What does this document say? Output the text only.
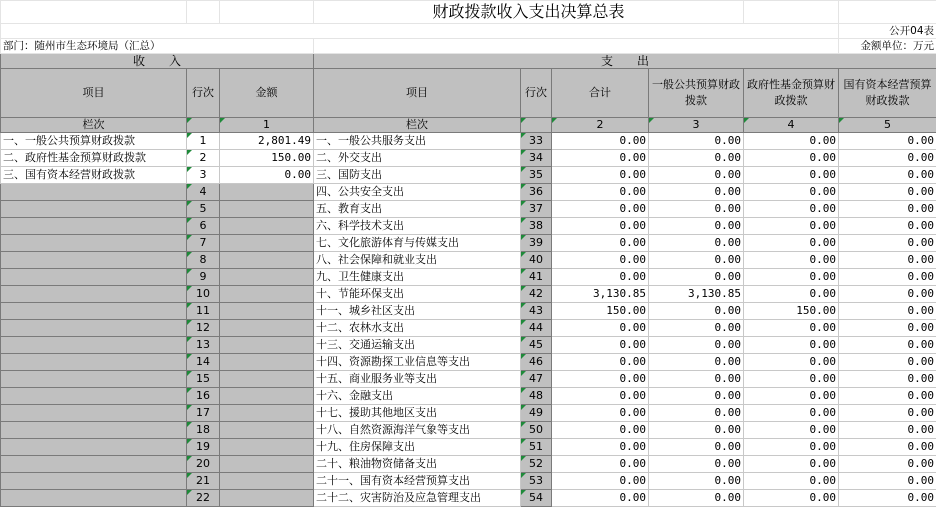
			财政拨款收入支出决算总表					
								公开04表
部门：随州市生态环境局（汇总）								金额单位：万元
收　　入			支　　出					
项目	行次	金额	项目	行次	合计	一般公共预算财政拨款	政府性基金预算财政拨款	国有资本经营预算财政拨款
栏次		1	栏次		2	3	4	5
一、一般公共预算财政拨款	1	2,801.49	一、一般公共服务支出	33	0.00	0.00	0.00	0.00
二、政府性基金预算财政拨款	2	150.00	二、外交支出	34	0.00	0.00	0.00	0.00
三、国有资本经营财政拨款	3	0.00	三、国防支出	35	0.00	0.00	0.00	0.00
	4		四、公共安全支出	36	0.00	0.00	0.00	0.00
	5		五、教育支出	37	0.00	0.00	0.00	0.00
	6		六、科学技术支出	38	0.00	0.00	0.00	0.00
	7		七、文化旅游体育与传媒支出	39	0.00	0.00	0.00	0.00
	8		八、社会保障和就业支出	40	0.00	0.00	0.00	0.00
	9		九、卫生健康支出	41	0.00	0.00	0.00	0.00
	10		十、节能环保支出	42	3,130.85	3,130.85	0.00	0.00
	11		十一、城乡社区支出	43	150.00	0.00	150.00	0.00
	12		十二、农林水支出	44	0.00	0.00	0.00	0.00
	13		十三、交通运输支出	45	0.00	0.00	0.00	0.00
	14		十四、资源勘探工业信息等支出	46	0.00	0.00	0.00	0.00
	15		十五、商业服务业等支出	47	0.00	0.00	0.00	0.00
	16		十六、金融支出	48	0.00	0.00	0.00	0.00
	17		十七、援助其他地区支出	49	0.00	0.00	0.00	0.00
	18		十八、自然资源海洋气象等支出	50	0.00	0.00	0.00	0.00
	19		十九、住房保障支出	51	0.00	0.00	0.00	0.00
	20		二十、粮油物资储备支出	52	0.00	0.00	0.00	0.00
	21		二十一、国有资本经营预算支出	53	0.00	0.00	0.00	0.00
	22		二十二、灾害防治及应急管理支出	54	0.00	0.00	0.00	0.00
